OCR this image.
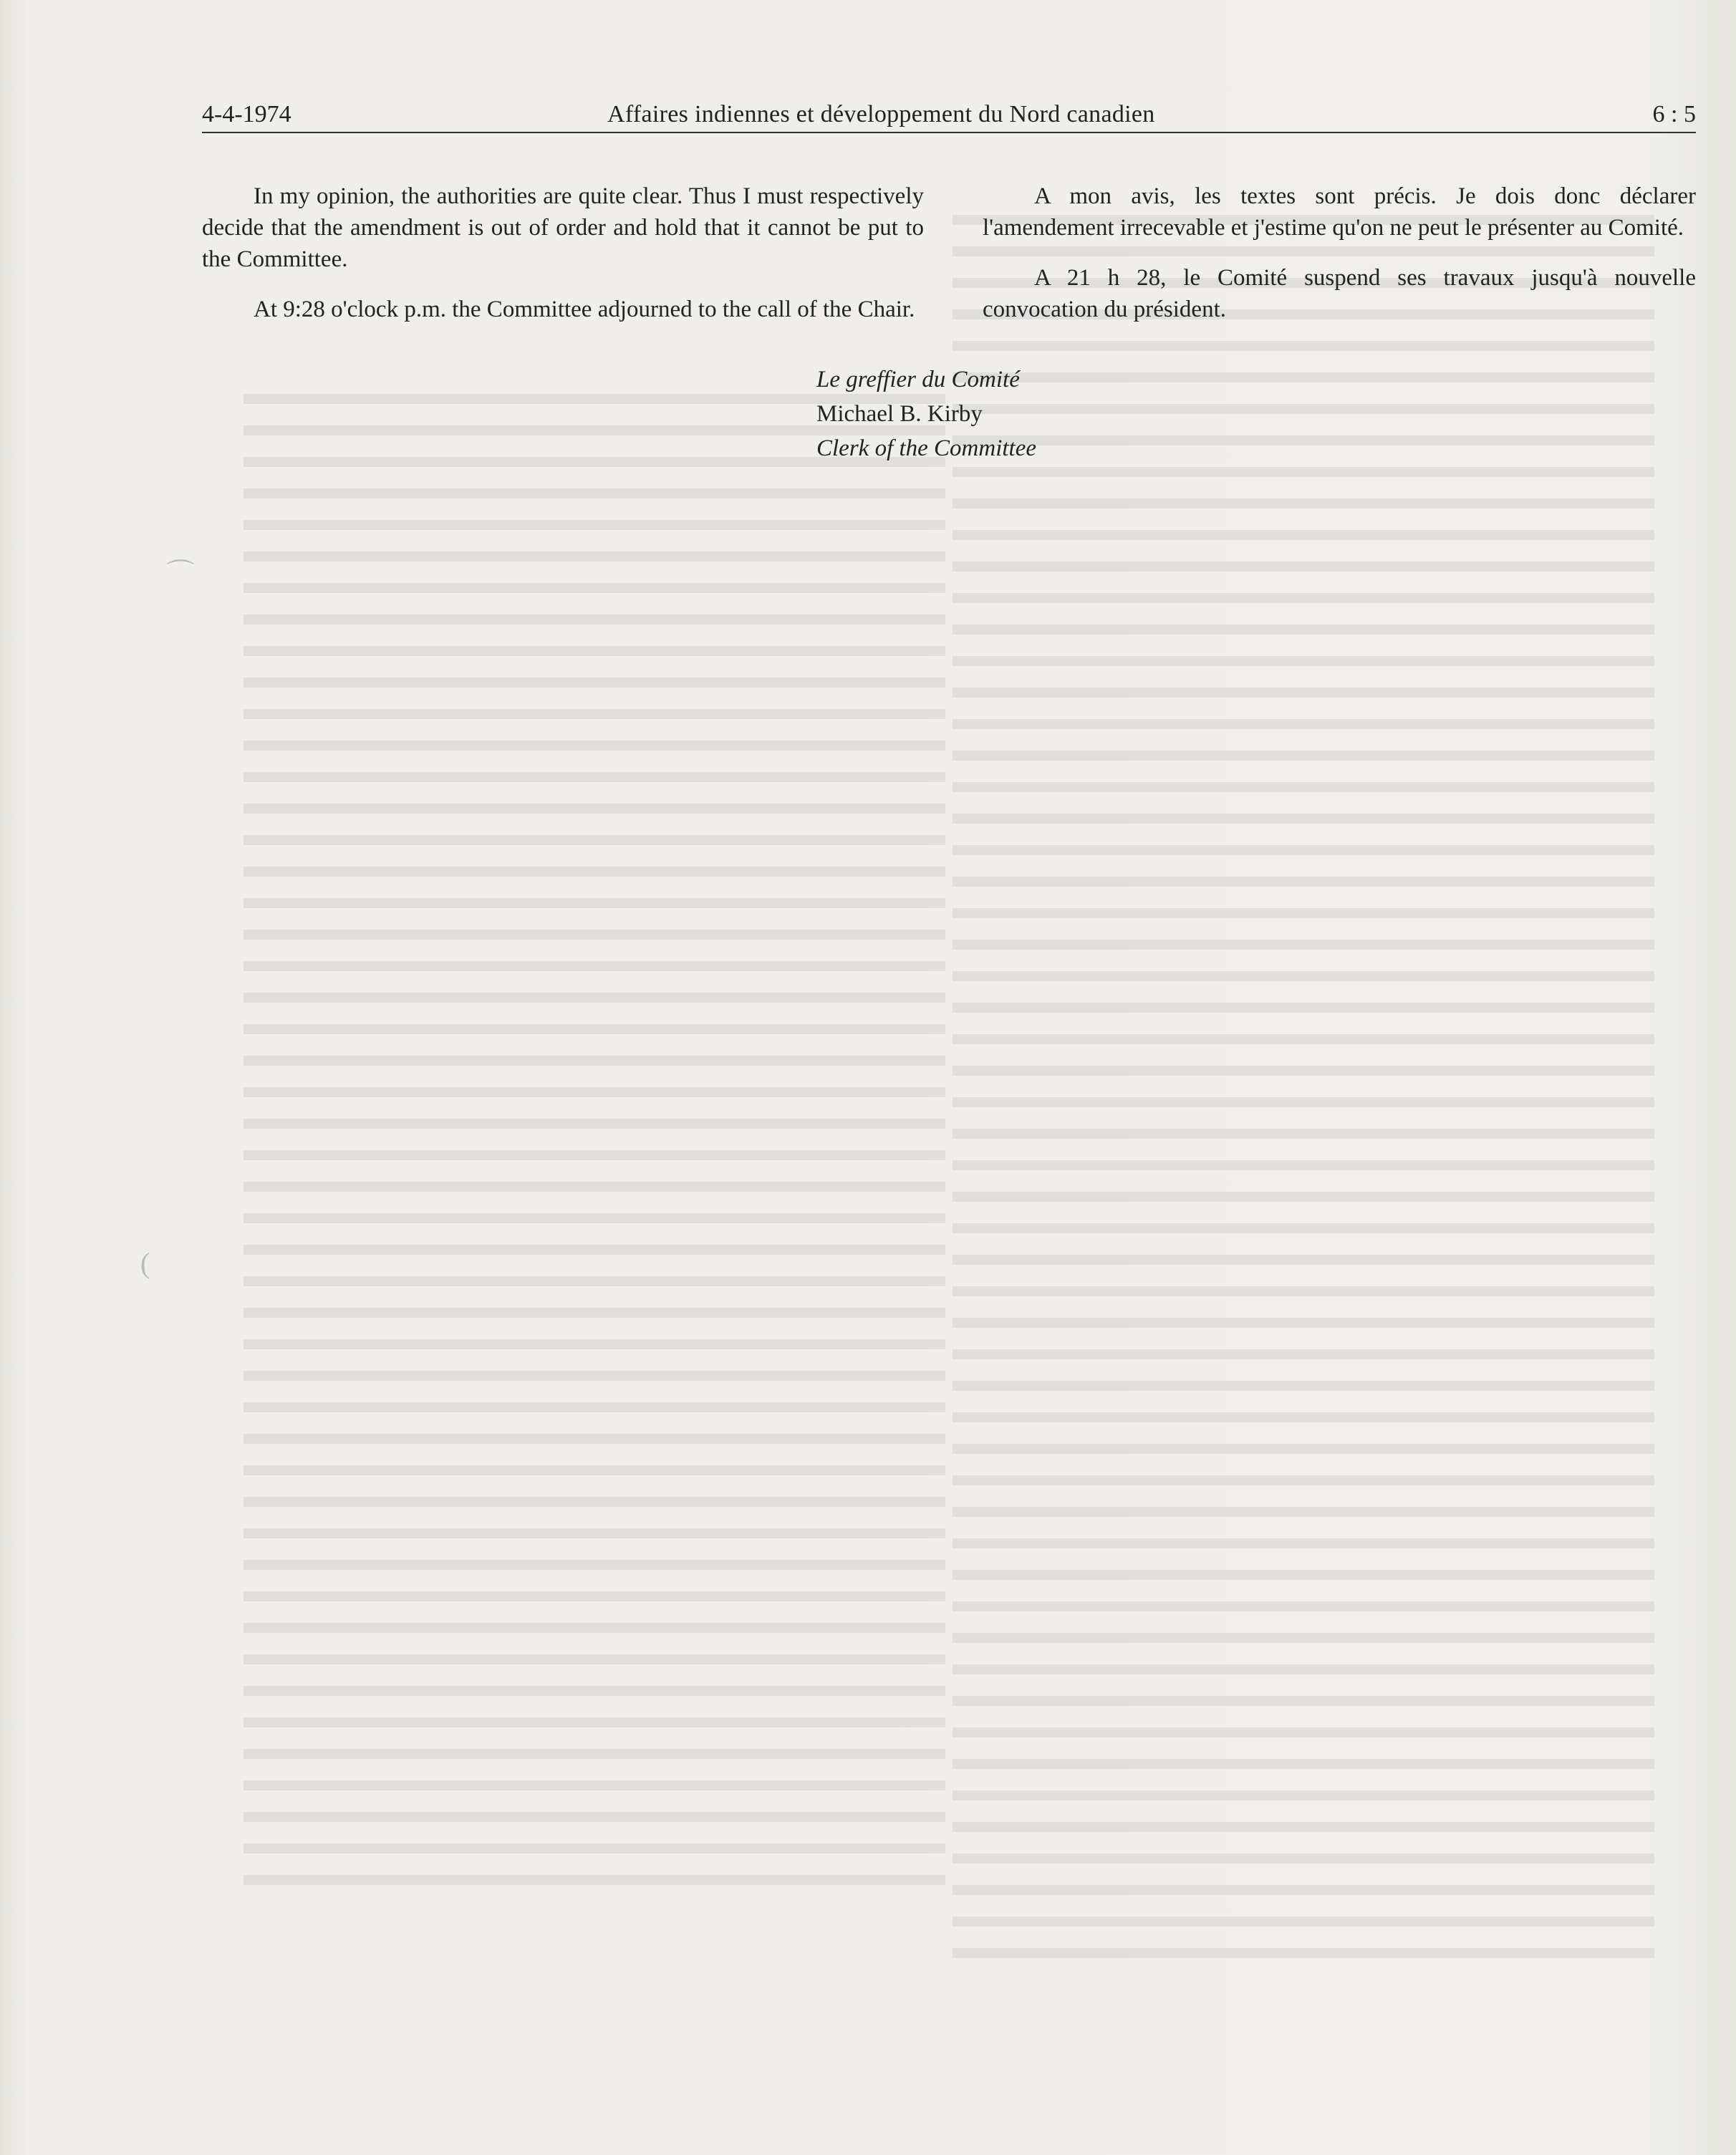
4-4-1974	Affaires indiennes et développement du Nord canadien	6 : 5

In my opinion, the authorities are quite clear. Thus I must respectively decide that the amendment is out of order and hold that it cannot be put to the Committee.

At 9:28 o'clock p.m. the Committee adjourned to the call of the Chair.

A mon avis, les textes sont précis. Je dois donc déclarer l'amendement irrecevable et j'estime qu'on ne peut le présenter au Comité.

A 21 h 28, le Comité suspend ses travaux jusqu'à nouvelle convocation du président.

Le greffier du Comité
Michael B. Kirby
Clerk of the Committee
⌒
(
